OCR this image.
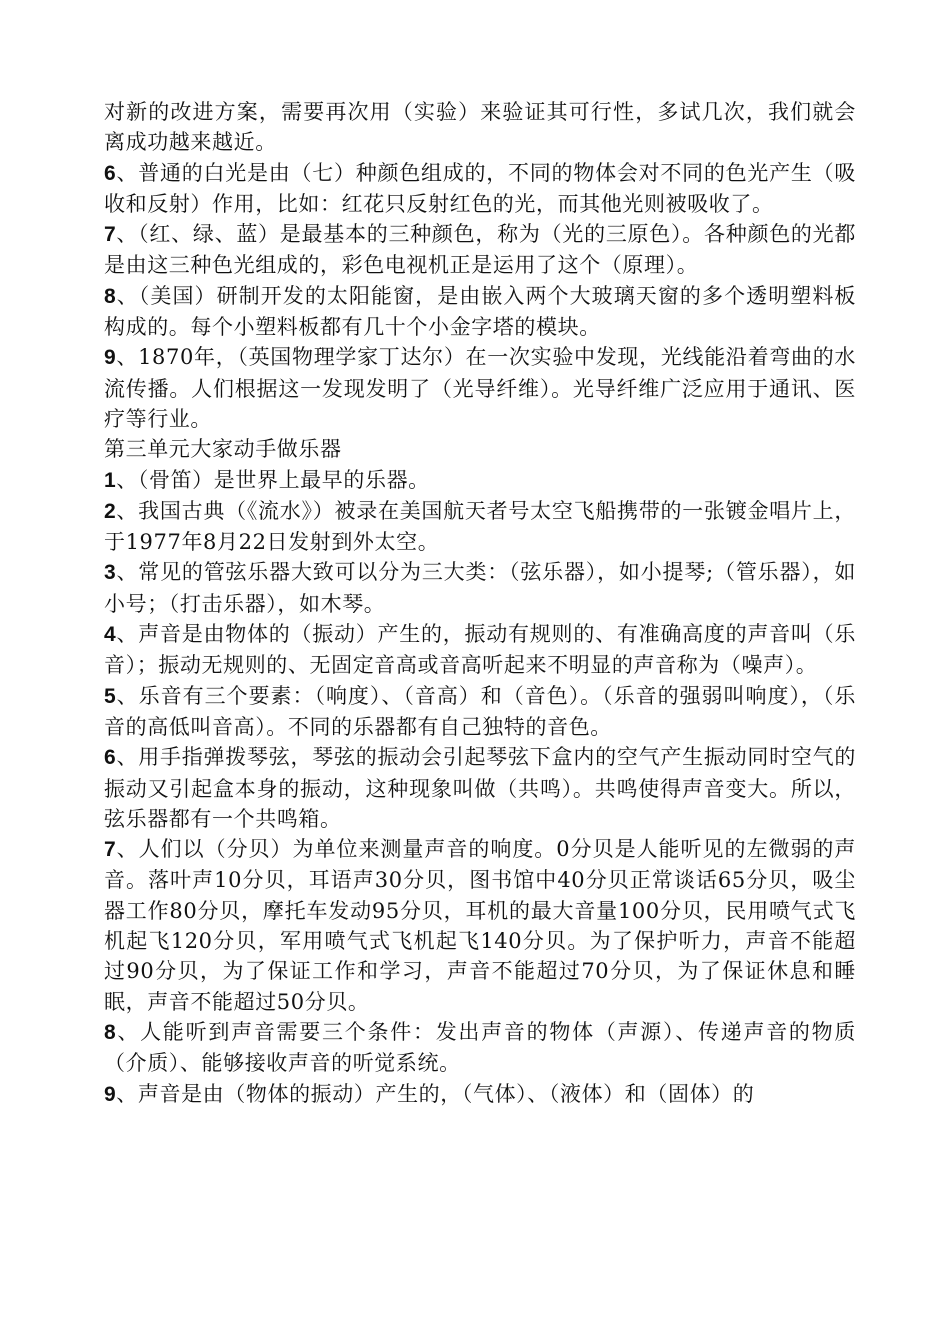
对新的改进方案，需要再次用（实验）来验证其可行性，多试几次，我们就会离成功越来越近。

6、普通的白光是由（七）种颜色组成的，不同的物体会对不同的色光产生（吸收和反射）作用，比如：红花只反射红色的光，而其他光则被吸收了。

7、（红、绿、蓝）是最基本的三种颜色，称为（光的三原色）。各种颜色的光都是由这三种色光组成的，彩色电视机正是运用了这个（原理）。

8、（美国）研制开发的太阳能窗，是由嵌入两个大玻璃天窗的多个透明塑料板构成的。每个小塑料板都有几十个小金字塔的模块。

9、1870年，（英国物理学家丁达尔）在一次实验中发现，光线能沿着弯曲的水流传播。人们根据这一发现发明了（光导纤维）。光导纤维广泛应用于通讯、医疗等行业。

第三单元大家动手做乐器

1、（骨笛）是世界上最早的乐器。

2、我国古典（《流水》）被录在美国航天者号太空飞船携带的一张镀金唱片上，于1977年8月22日发射到外太空。

3、常见的管弦乐器大致可以分为三大类：（弦乐器），如小提琴;（管乐器），如小号；（打击乐器），如木琴。

4、声音是由物体的（振动）产生的，振动有规则的、有准确高度的声音叫（乐音）；振动无规则的、无固定音高或音高听起来不明显的声音称为（噪声）。

5、乐音有三个要素：（响度）、（音高）和（音色）。（乐音的强弱叫响度），（乐音的高低叫音高）。不同的乐器都有自己独特的音色。

6、用手指弹拨琴弦，琴弦的振动会引起琴弦下盒内的空气产生振动同时空气的振动又引起盒本身的振动，这种现象叫做（共鸣）。共鸣使得声音变大。所以，弦乐器都有一个共鸣箱。

7、人们以（分贝）为单位来测量声音的响度。0分贝是人能听见的左微弱的声音。落叶声10分贝，耳语声30分贝，图书馆中40分贝正常谈话65分贝，吸尘器工作80分贝，摩托车发动95分贝，耳机的最大音量100分贝，民用喷气式飞机起飞120分贝，军用喷气式飞机起飞140分贝。为了保护听力，声音不能超过90分贝，为了保证工作和学习，声音不能超过70分贝，为了保证休息和睡眠，声音不能超过50分贝。

8、人能听到声音需要三个条件：发出声音的物体（声源）、传递声音的物质（介质）、能够接收声音的听觉系统。

9、声音是由（物体的振动）产生的，（气体）、（液体）和（固体）的
